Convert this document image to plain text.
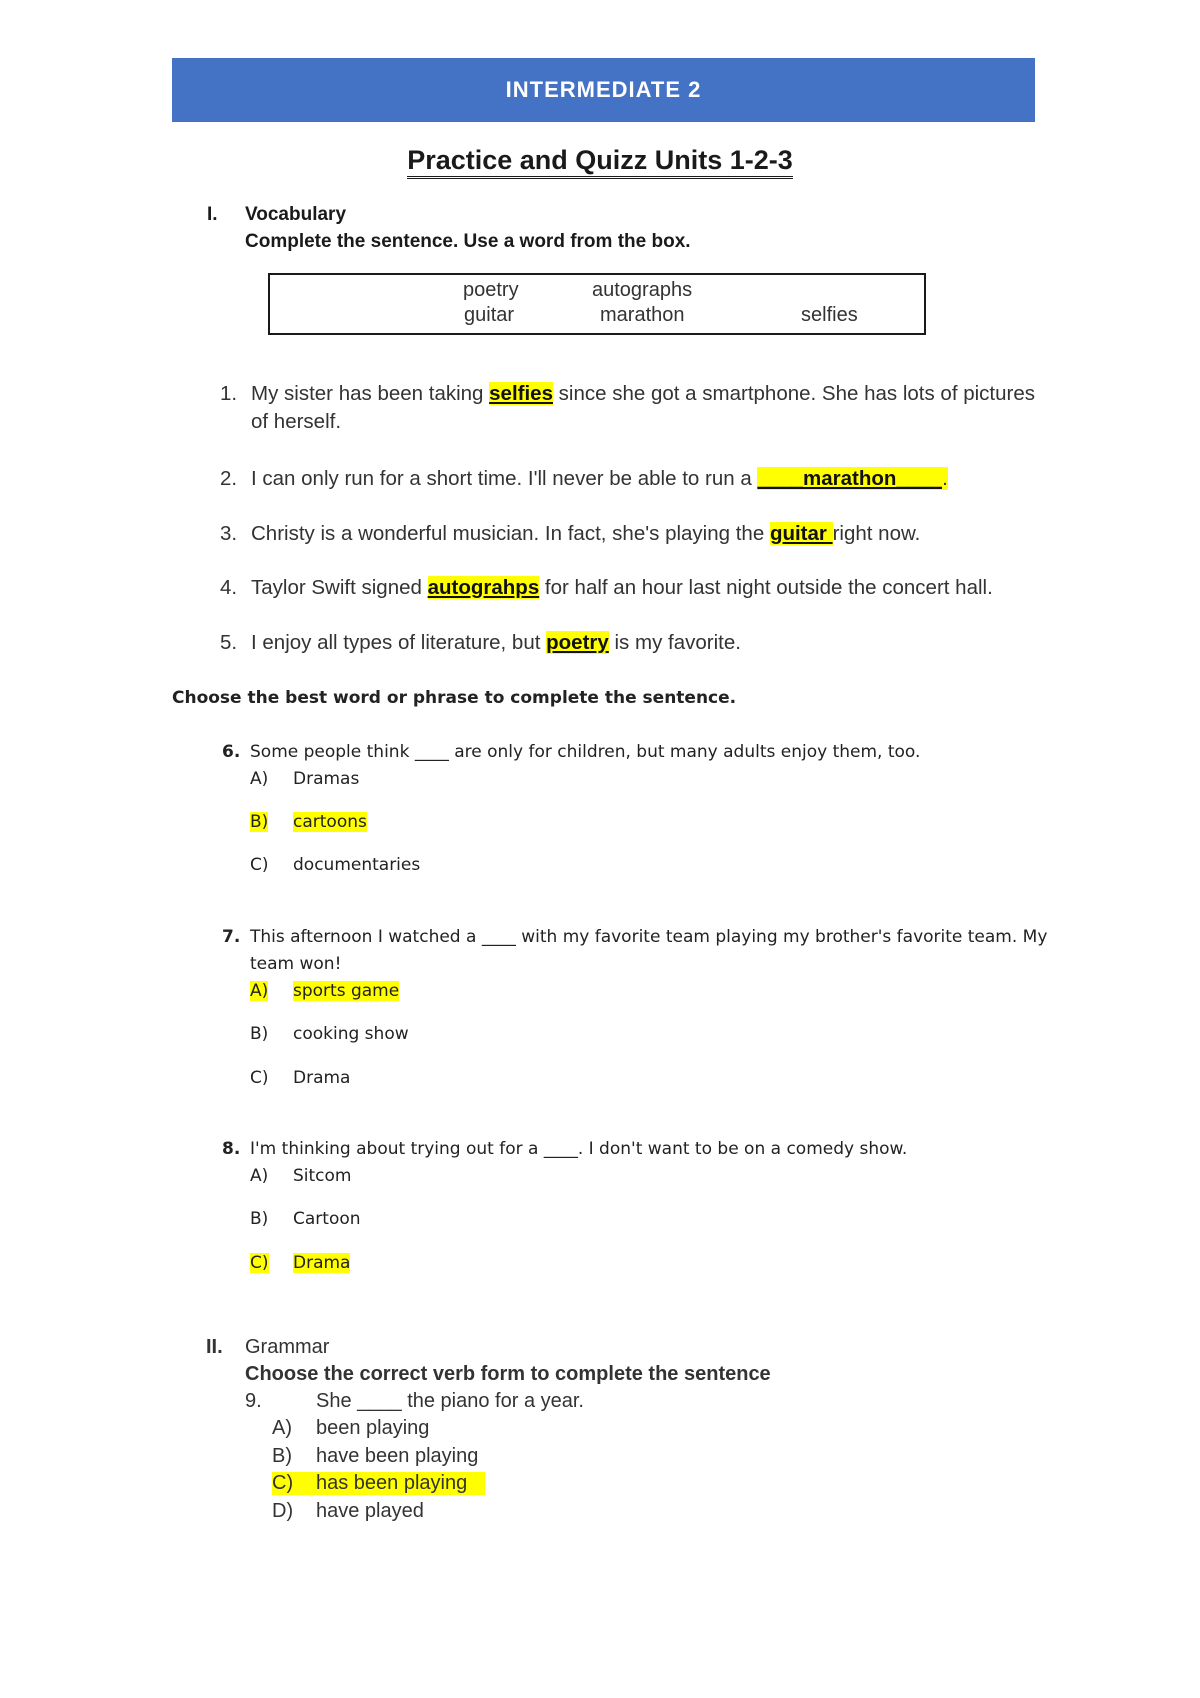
INTERMEDIATE 2
Practice and Quizz Units 1-2-3
I. Vocabulary
Complete the sentence. Use a word from the box.
poetry	autographs
guitar	marathon	selfies
1. My sister has been taking selfies since she got a smartphone. She has lots of pictures
of herself.
2. I can only run for a short time. I'll never be able to run a ____marathon____.
3. Christy is a wonderful musician. In fact, she's playing the guitar right now.
4. Taylor Swift signed autograhps for half an hour last night outside the concert hall.
5. I enjoy all types of literature, but poetry is my favorite.
Choose the best word or phrase to complete the sentence.
6. Some people think ____ are only for children, but many adults enjoy them, too.
A) Dramas
B) cartoons
C) documentaries
7. This afternoon I watched a ____ with my favorite team playing my brother's favorite team. My
team won!
A) sports game
B) cooking show
C) Drama
8. I'm thinking about trying out for a ____. I don't want to be on a comedy show.
A) Sitcom
B) Cartoon
C) Drama
II. Grammar
Choose the correct verb form to complete the sentence
9.	She ____ the piano for a year.
A) been playing
B) have been playing
C) has been playing
D) have played
